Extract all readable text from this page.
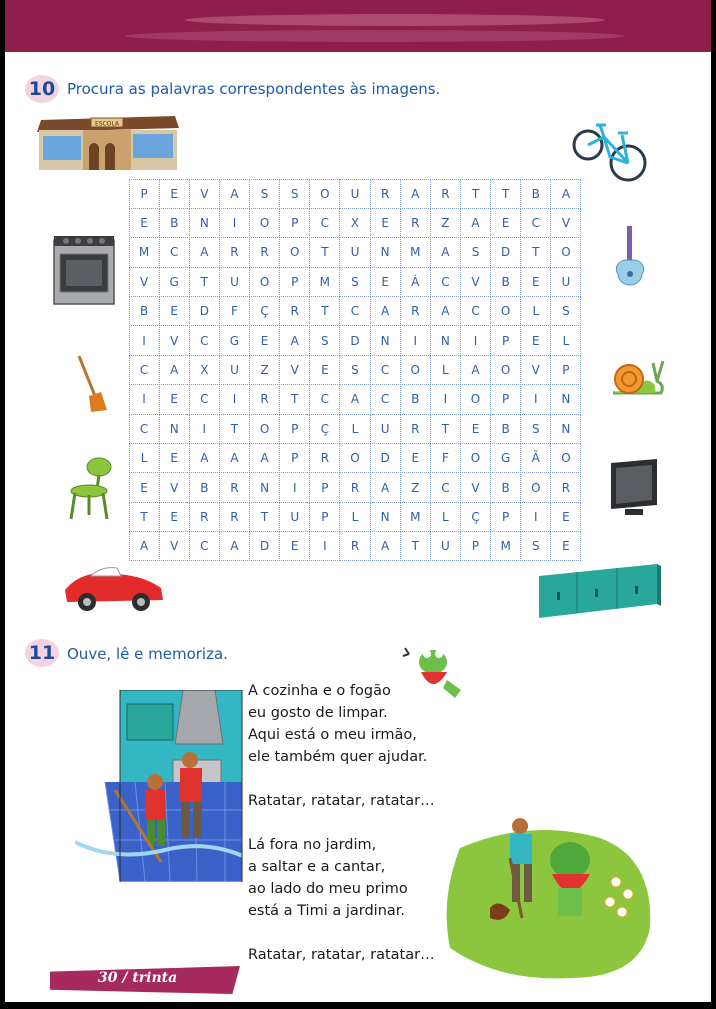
10 Procura as palavras correspondentes às imagens.
ESCOLA
P	E	V	A	S	S	O	U	R	A	R	T	T	B	A
E	B	N	I	O	P	C	X	E	R	Z	A	E	C	V
M	C	A	R	R	O	T	U	N	M	A	S	D	T	O
V	G	T	U	O	P	M	S	E	Á	C	V	B	E	U
B	E	D	F	Ç	R	T	C	A	R	A	C	O	L	S
I	V	C	G	E	A	S	D	N	I	N	I	P	E	L
C	A	X	U	Z	V	E	S	C	O	L	A	O	V	P
I	E	C	I	R	T	C	A	C	B	I	O	P	I	N
C	N	I	T	O	P	Ç	L	U	R	T	E	B	S	N
L	E	A	A	A	P	R	O	D	E	F	O	G	Ã	O
E	V	B	R	N	I	P	R	A	Z	C	V	B	O	R
T	E	R	R	T	U	P	L	N	M	L	Ç	P	I	E
A	V	C	A	D	E	I	R	A	T	U	P	M	S	E
11 Ouve, lê e memoriza.
A cozinha e o fogão
eu gosto de limpar.
Aqui está o meu irmão,
ele também quer ajudar.
Ratatar, ratatar, ratatar…
Lá fora no jardim,
a saltar e a cantar,
ao lado do meu primo
está a Timi a jardinar.
Ratatar, ratatar, ratatar…
30 / trinta
